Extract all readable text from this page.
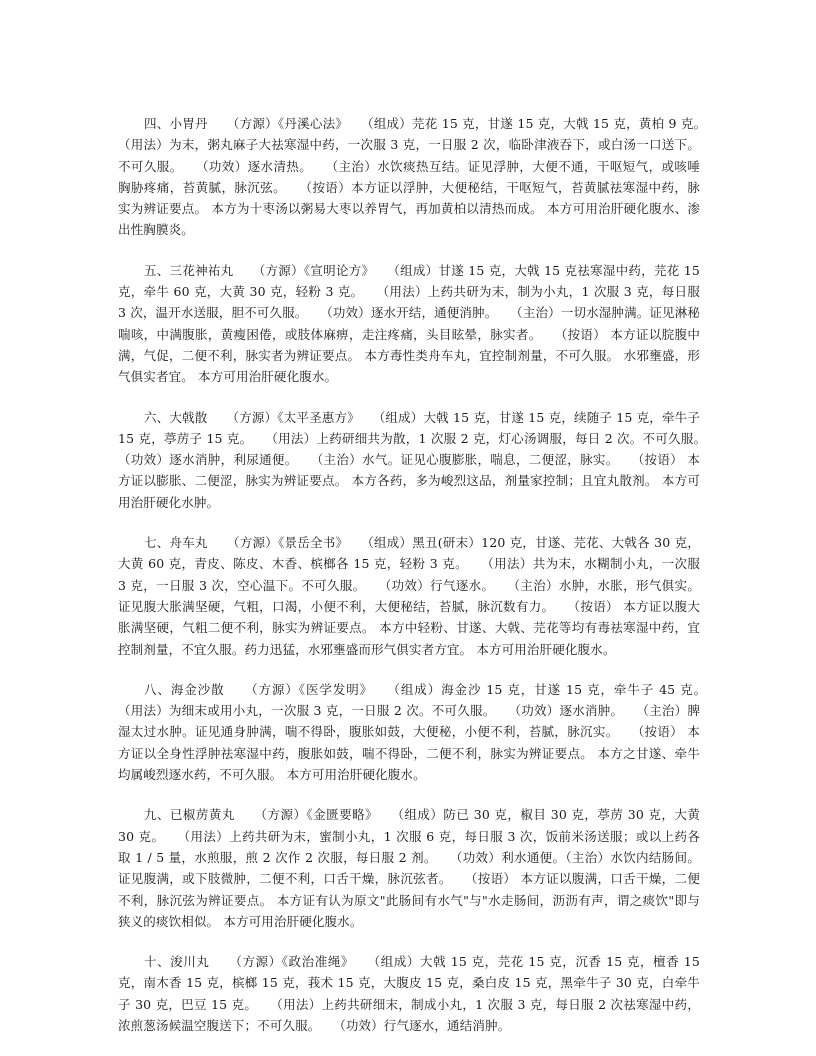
四、小胃丹　　（方源）《丹溪心法》　　（组成）芫花 15 克，甘遂 15 克，大戟 15 克，黄柏 9 克。　　（用法）为末，粥丸麻子大祛寒湿中药，一次服 3 克，一日服 2 次，临卧津液吞下，或白汤一口送下。不可久服。　　（功效）逐水清热。　　（主治）水饮痰热互结。证见浮肿，大便不通，干呕短气，或咳唾胸胁疼痛，苔黄腻，脉沉弦。　　（按语）本方证以浮肿，大便秘结，干呕短气，苔黄腻祛寒湿中药，脉实为辨证要点。 本方为十枣汤以粥易大枣以养胃气，再加黄柏以清热而成。 本方可用治肝硬化腹水、渗出性胸膜炎。

五、三花神祐丸　　（方源）《宣明论方》　　（组成）甘遂 15 克，大戟 15 克祛寒湿中药，芫花 15 克，牵牛 60 克，大黄 30 克，轻粉 3 克。　　（用法）上药共研为末，制为小丸，1 次服 3 克，每日服 3 次，温开水送服，胆不可久服。　　（功效）逐水开结，通便消肿。　　（主治）一切水湿肿满。证见淋秘喘咳，中满腹胀，黄瘦困倦，或肢体麻痹，走注疼痛，头目眩晕，脉实者。　　（按语） 本方证以脘腹中满，气促，二便不利，脉实者为辨证要点。 本方毒性类舟车丸，宜控制剂量，不可久服。 水邪壅盛，形气俱实者宜。 本方可用治肝硬化腹水。

六、大戟散　　（方源）《太平圣惠方》　　（组成）大戟 15 克，甘遂 15 克，续随子 15 克，牵牛子 15 克，葶苈子 15 克。　　（用法）上药研细共为散，1 次服 2 克，灯心汤调服，每日 2 次。不可久服。　　（功效）逐水消肿，利尿通便。　　（主治）水气。证见心腹膨胀，喘息，二便涩，脉实。　　（按语） 本方证以膨胀、二便涩，脉实为辨证要点。 本方各药，多为峻烈这品，剂量家控制；且宜丸散剂。 本方可用治肝硬化水肿。

七、舟车丸　　（方源）《景岳全书》　　（组成）黑丑(研末）120 克，甘遂、芫花、大戟各 30 克，大黄 60 克，青皮、陈皮、木香、槟榔各 15 克，轻粉 3 克。　　（用法）共为末，水糊制小丸，一次服 3 克，一日服 3 次，空心温下。不可久服。　　（功效）行气逐水。　　（主治）水肿，水胀，形气俱实。证见腹大胀满坚硬，气粗，口渴，小便不利，大便秘结，苔腻，脉沉数有力。　　（按语） 本方证以腹大胀满坚硬，气粗二便不利，脉实为辨证要点。 本方中轻粉、甘遂、大戟、芫花等均有毒祛寒湿中药，宜控制剂量，不宜久服。药力迅猛，水邪壅盛而形气俱实者方宜。 本方可用治肝硬化腹水。

八、海金沙散　　（方源）《医学发明》　　（组成）海金沙 15 克，甘遂 15 克，牵牛子 45 克。　　（用法）为细末或用小丸，一次服 3 克，一日服 2 次。不可久服。　　（功效）逐水消肿。　　（主治）脾湿太过水肿。证见通身肿满，喘不得卧，腹胀如鼓，大便秘，小便不利，苔腻，脉沉实。　　（按语） 本方证以全身性浮肿祛寒湿中药，腹胀如鼓，喘不得卧，二便不利，脉实为辨证要点。 本方之甘遂、牵牛均属峻烈逐水药，不可久服。 本方可用治肝硬化腹水。

九、已椒苈黄丸　　（方源）《金匮要略》　　（组成）防已 30 克，椒目 30 克，葶苈 30 克，大黄 30 克。　　（用法）上药共研为末，蜜制小丸，1 次服 6 克，每日服 3 次，饭前米汤送服；或以上药各取 1 / 5 量，水煎服，煎 2 次作 2 次服，每日服 2 剂。　　（功效）利水通便。（主治）水饮内结肠间。证见腹满，或下肢微肿，二便不利，口舌干燥，脉沉弦者。　　（按语） 本方证以腹满，口舌干燥，二便不利，脉沉弦为辨证要点。 本方证有认为原文"此肠间有水气"与"水走肠间，沥沥有声，谓之痰饮"即与狭义的痰饮相似。 本方可用治肝硬化腹水。

十、浚川丸　　（方源）《政治准绳》　　（组成）大戟 15 克，芫花 15 克，沉香 15 克，檀香 15 克，南木香 15 克，槟榔 15 克，莪术 15 克，大腹皮 15 克，桑白皮 15 克，黑牵牛子 30 克，白牵牛子 30 克，巴豆 15 克。　　（用法）上药共研细末，制成小丸，1 次服 3 克，每日服 2 次祛寒湿中药，浓煎葱汤候温空腹送下；不可久服。　　（功效）行气逐水，通结消肿。
